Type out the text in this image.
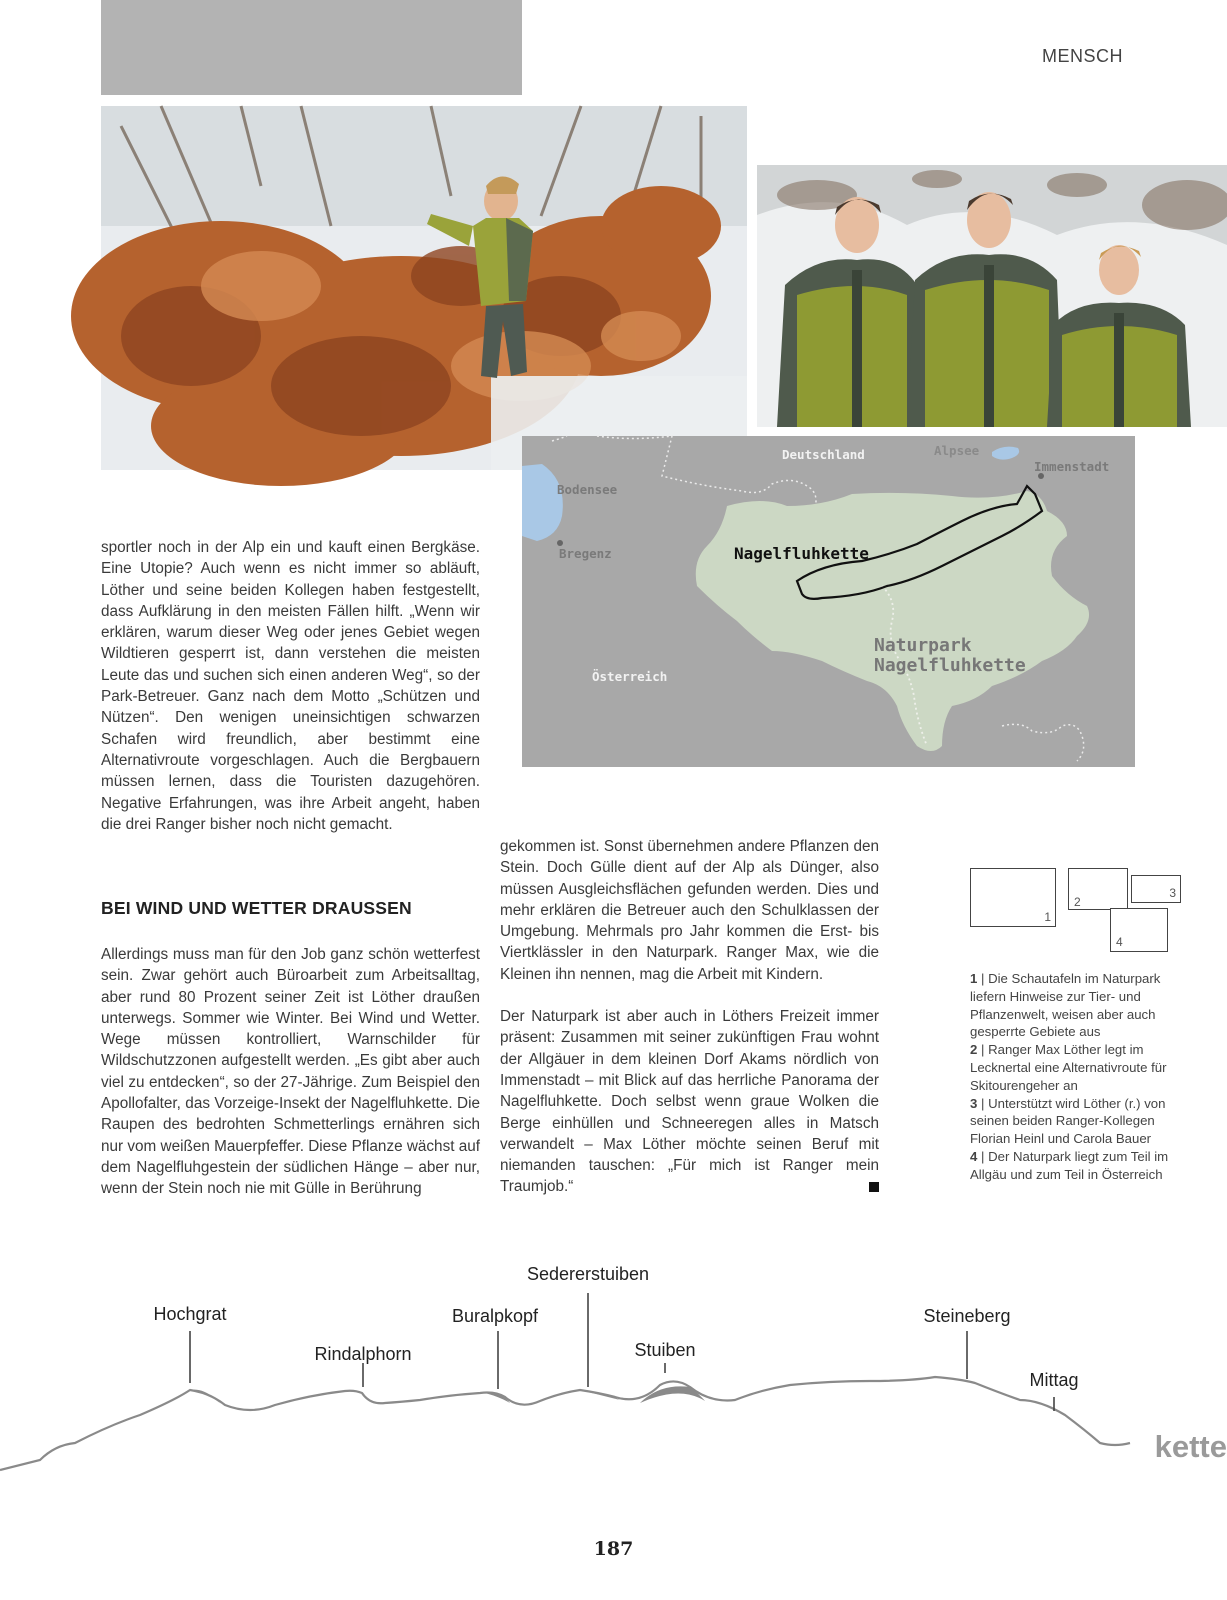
MENSCH
Deutschland	Alpsee
Immenstadt
Bodensee
Bregenz	Nagelfluhkette
Naturpark
Nagelfluhkette
Österreich

sportler noch in der Alp ein und kauft einen Bergkäse. Eine Utopie? Auch wenn es nicht immer so abläuft, Löther und seine beiden Kollegen haben festgestellt, dass Aufklärung in den meisten Fällen hilft. „Wenn wir erklären, warum dieser Weg oder jenes Gebiet wegen Wildtieren gesperrt ist, dann verstehen die meisten Leute das und suchen sich einen anderen Weg“, so der Park-Betreuer. Ganz nach dem Motto „Schützen und Nützen“. Den wenigen uneinsichtigen schwarzen Schafen wird freundlich, aber bestimmt eine Alternativroute vorgeschlagen. Auch die Bergbauern müssen lernen, dass die Touristen dazugehören. Negative Erfahrungen, was ihre Arbeit angeht, haben die drei Ranger bisher noch nicht gemacht.

BEI WIND UND WETTER DRAUSSEN

Allerdings muss man für den Job ganz schön wetterfest sein. Zwar gehört auch Büroarbeit zum Arbeitsalltag, aber rund 80 Prozent seiner Zeit ist Löther draußen unterwegs. Sommer wie Winter. Bei Wind und Wetter. Wege müssen kontrolliert, Warnschilder für Wildschutzzonen aufgestellt werden. „Es gibt aber auch viel zu entdecken“, so der 27-Jährige. Zum Beispiel den Apollofalter, das Vorzeige-Insekt der Nagelfluhkette. Die Raupen des bedrohten Schmetterlings ernähren sich nur vom weißen Mauerpfeffer. Diese Pflanze wächst auf dem Nagelfluhgestein der südlichen Hänge – aber nur, wenn der Stein noch nie mit Gülle in Berührung

gekommen ist. Sonst übernehmen andere Pflanzen den Stein. Doch Gülle dient auf der Alp als Dünger, also müssen Ausgleichsflächen gefunden werden. Dies und mehr erklären die Betreuer auch den Schulklassen der Umgebung. Mehrmals pro Jahr kommen die Erst- bis Viertklässler in den Naturpark. Ranger Max, wie die Kleinen ihn nennen, mag die Arbeit mit Kindern.

Der Naturpark ist aber auch in Löthers Freizeit immer präsent: Zusammen mit seiner zukünftigen Frau wohnt der Allgäuer in dem kleinen Dorf Akams nördlich von Immenstadt – mit Blick auf das herrliche Panorama der Nagelfluhkette. Doch selbst wenn graue Wolken die Berge einhüllen und Schneeregen alles in Matsch verwandelt – Max Löther möchte seinen Beruf mit niemanden tauschen: „Für mich ist Ranger mein Traumjob.“

1
2
3
4
1 | Die Schautafeln im Naturpark liefern Hinweise zur Tier- und Pflanzenwelt, weisen aber auch gesperrte Gebiete aus
2 | Ranger Max Löther legt im Lecknertal eine Alternativroute für Skitourengeher an
3 | Unterstützt wird Löther (r.) von seinen beiden Ranger-Kollegen Florian Heinl und Carola Bauer
4 | Der Naturpark liegt zum Teil im Allgäu und zum Teil in Österreich
Hochgrat
Rindalphorn
Buralpkopf
Sedererstuiben
Stuiben
Steineberg
Mittag
kette
187
